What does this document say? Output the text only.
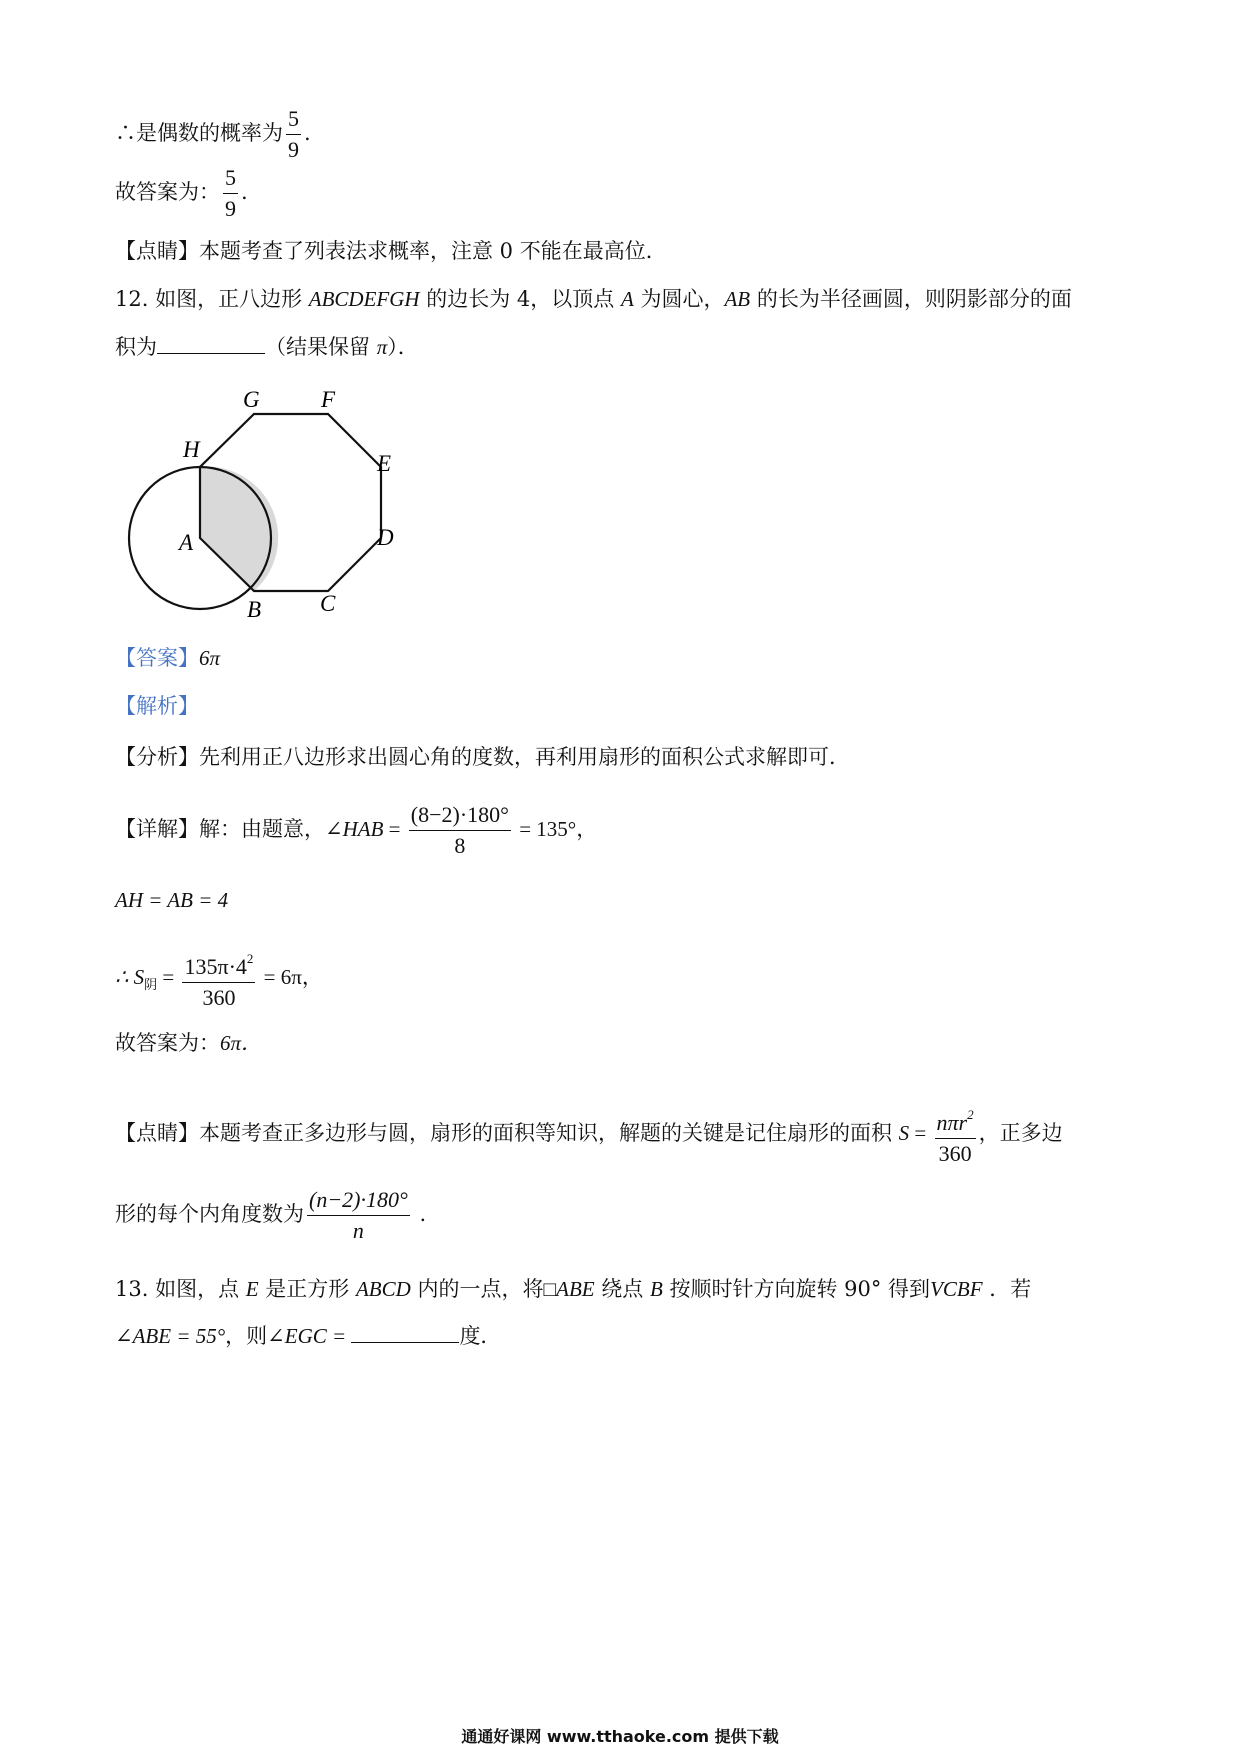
∴是偶数的概率为 $\frac{5}{9}$ .
故答案为： $\frac{5}{9}$ .
【点睛】本题考查了列表法求概率，注意 0 不能在最高位．
12. 如图，正八边形 ABCDEFGH 的边长为 4，以顶点 A 为圆心，AB 的长为半径画圆，则阴影部分的面
积为	（结果保留 π）．
G	F
H
E
A	D
B	C
【答案】6π
【解析】
【分析】先利用正八边形求出圆心角的度数，再利用扇形的面积公式求解即可．
【详解】解：由题意，∠HAB = $\frac{(8-2)\cdot 180^\circ}{8} = 135^\circ$，
AH = AB = 4
∴ $S_阴 = \frac{135\pi\cdot 4^2}{360} = 6\pi$，
故答案为：6π．
【点睛】本题考查正多边形与圆，扇形的面积等知识，解题的关键是记住扇形的面积 $S = \frac{n\pi r^2}{360}$ ，正多边
形的每个内角度数为 $\frac{(n-2)\cdot 180^\circ}{n}$ .
13. 如图，点 E 是正方形 ABCD 内的一点，将□ABE 绕点 B 按顺时针方向旋转 90° 得到VCBF ．若
∠ABE = 55°，则∠EGC =	度．
通通好课网 www.tthaoke.com 提供下载
